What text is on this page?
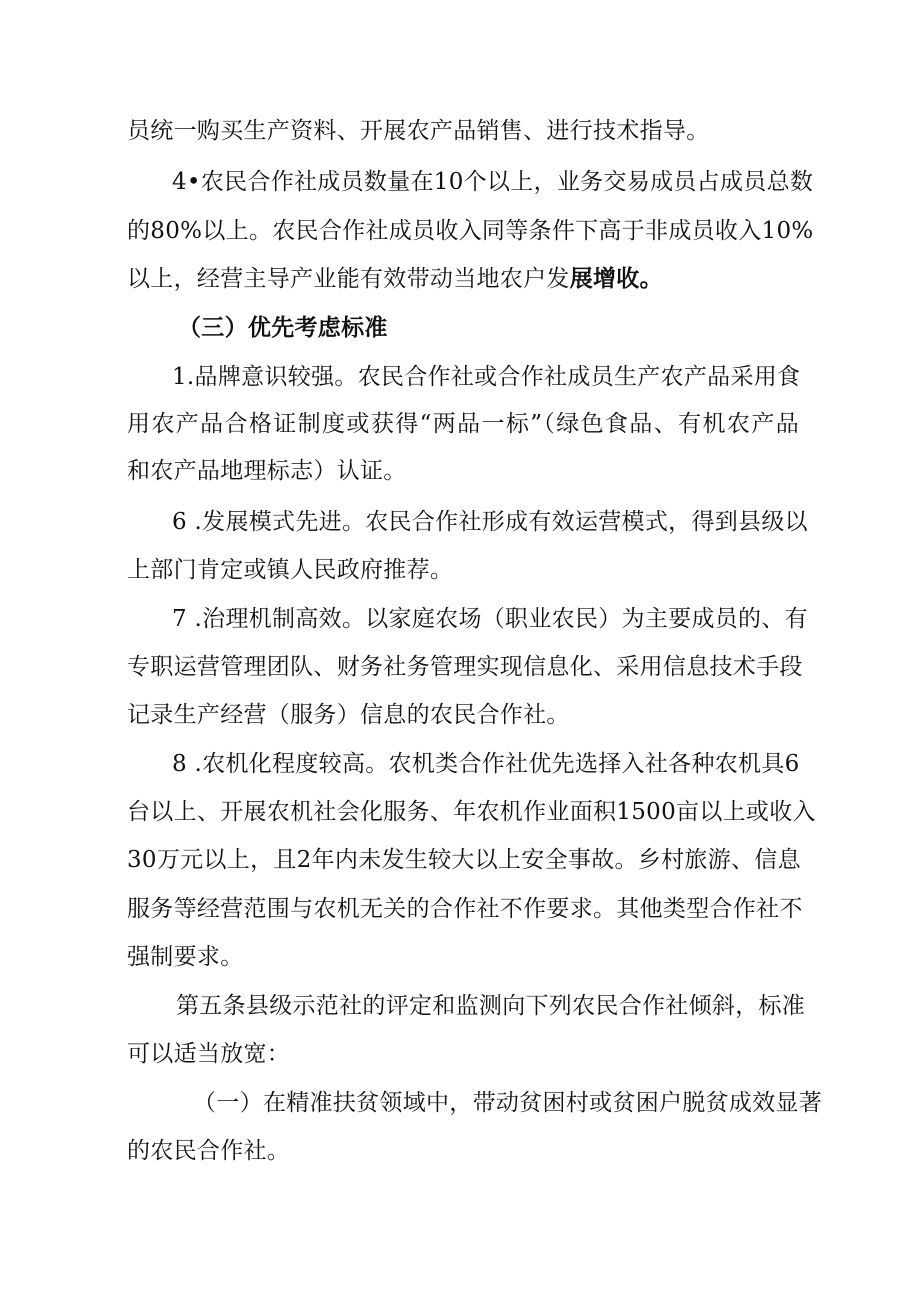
员统一购买生产资料、开展农产品销售、进行技术指导。
4•农民合作社成员数量在10个以上，业务交易成员占成员总数
的80%以上。农民合作社成员收入同等条件下高于非成员收入10%
以上，经营主导产业能有效带动当地农户发展增收。
（三）优先考虑标准
1.品牌意识较强。农民合作社或合作社成员生产农产品采用食
用农产品合格证制度或获得“两品一标”（绿色食品、有机农产品
和农产品地理标志）认证。
6 .发展模式先进。农民合作社形成有效运营模式，得到县级以
上部门肯定或镇人民政府推荐。
7 .治理机制高效。以家庭农场（职业农民）为主要成员的、有
专职运营管理团队、财务社务管理实现信息化、采用信息技术手段
记录生产经营（服务）信息的农民合作社。
8 .农机化程度较高。农机类合作社优先选择入社各种农机具6
台以上、开展农机社会化服务、年农机作业面积1500亩以上或收入
30万元以上，且2年内未发生较大以上安全事故。乡村旅游、信息
服务等经营范围与农机无关的合作社不作要求。其他类型合作社不
强制要求。
第五条县级示范社的评定和监测向下列农民合作社倾斜，标准
可以适当放宽：
（一）在精准扶贫领域中，带动贫困村或贫困户脱贫成效显著
的农民合作社。
